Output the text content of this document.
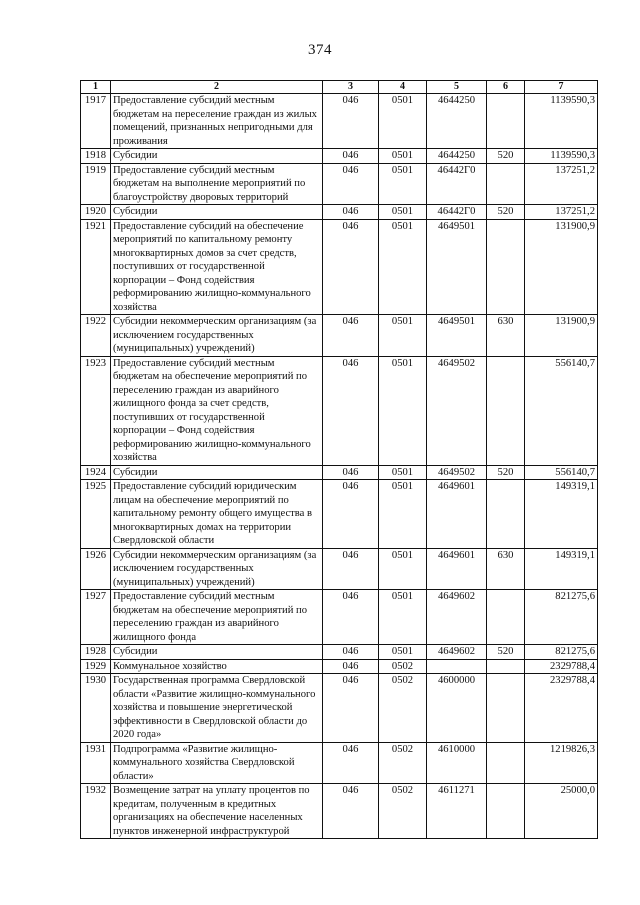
374
1	2	3	4	5	6	7
1917	Предоставление субсидий местным бюджетам на переселение граждан из жилых помещений, признанных непригодными для проживания	046	0501	4644250		1139590,3
1918	Субсидии	046	0501	4644250	520	1139590,3
1919	Предоставление субсидий местным бюджетам на выполнение мероприятий по благоустройству дворовых территорий	046	0501	46442Г0		137251,2
1920	Субсидии	046	0501	46442Г0	520	137251,2
1921	Предоставление субсидий на обеспечение мероприятий по капитальному ремонту многоквартирных домов за счет средств, поступивших от государственной корпорации – Фонд содействия реформированию жилищно-коммунального хозяйства	046	0501	4649501		131900,9
1922	Субсидии некоммерческим организациям (за исключением государственных (муниципальных) учреждений)	046	0501	4649501	630	131900,9
1923	Предоставление субсидий местным бюджетам на обеспечение мероприятий по переселению граждан из аварийного жилищного фонда за счет средств, поступивших от государственной корпорации – Фонд содействия реформированию жилищно-коммунального хозяйства	046	0501	4649502		556140,7
1924	Субсидии	046	0501	4649502	520	556140,7
1925	Предоставление субсидий юридическим лицам на обеспечение мероприятий по капитальному ремонту общего имущества в многоквартирных домах на территории Свердловской области	046	0501	4649601		149319,1
1926	Субсидии некоммерческим организациям (за исключением государственных (муниципальных) учреждений)	046	0501	4649601	630	149319,1
1927	Предоставление субсидий местным бюджетам на обеспечение мероприятий по переселению граждан из аварийного жилищного фонда	046	0501	4649602		821275,6
1928	Субсидии	046	0501	4649602	520	821275,6
1929	Коммунальное хозяйство	046	0502			2329788,4
1930	Государственная программа Свердловской области «Развитие жилищно-коммунального хозяйства и повышение энергетической эффективности в Свердловской области до 2020 года»	046	0502	4600000		2329788,4
1931	Подпрограмма «Развитие жилищно-коммунального хозяйства Свердловской области»	046	0502	4610000		1219826,3
1932	Возмещение затрат на уплату процентов по кредитам, полученным в кредитных организациях на обеспечение населенных пунктов инженерной инфраструктурой	046	0502	4611271		25000,0
